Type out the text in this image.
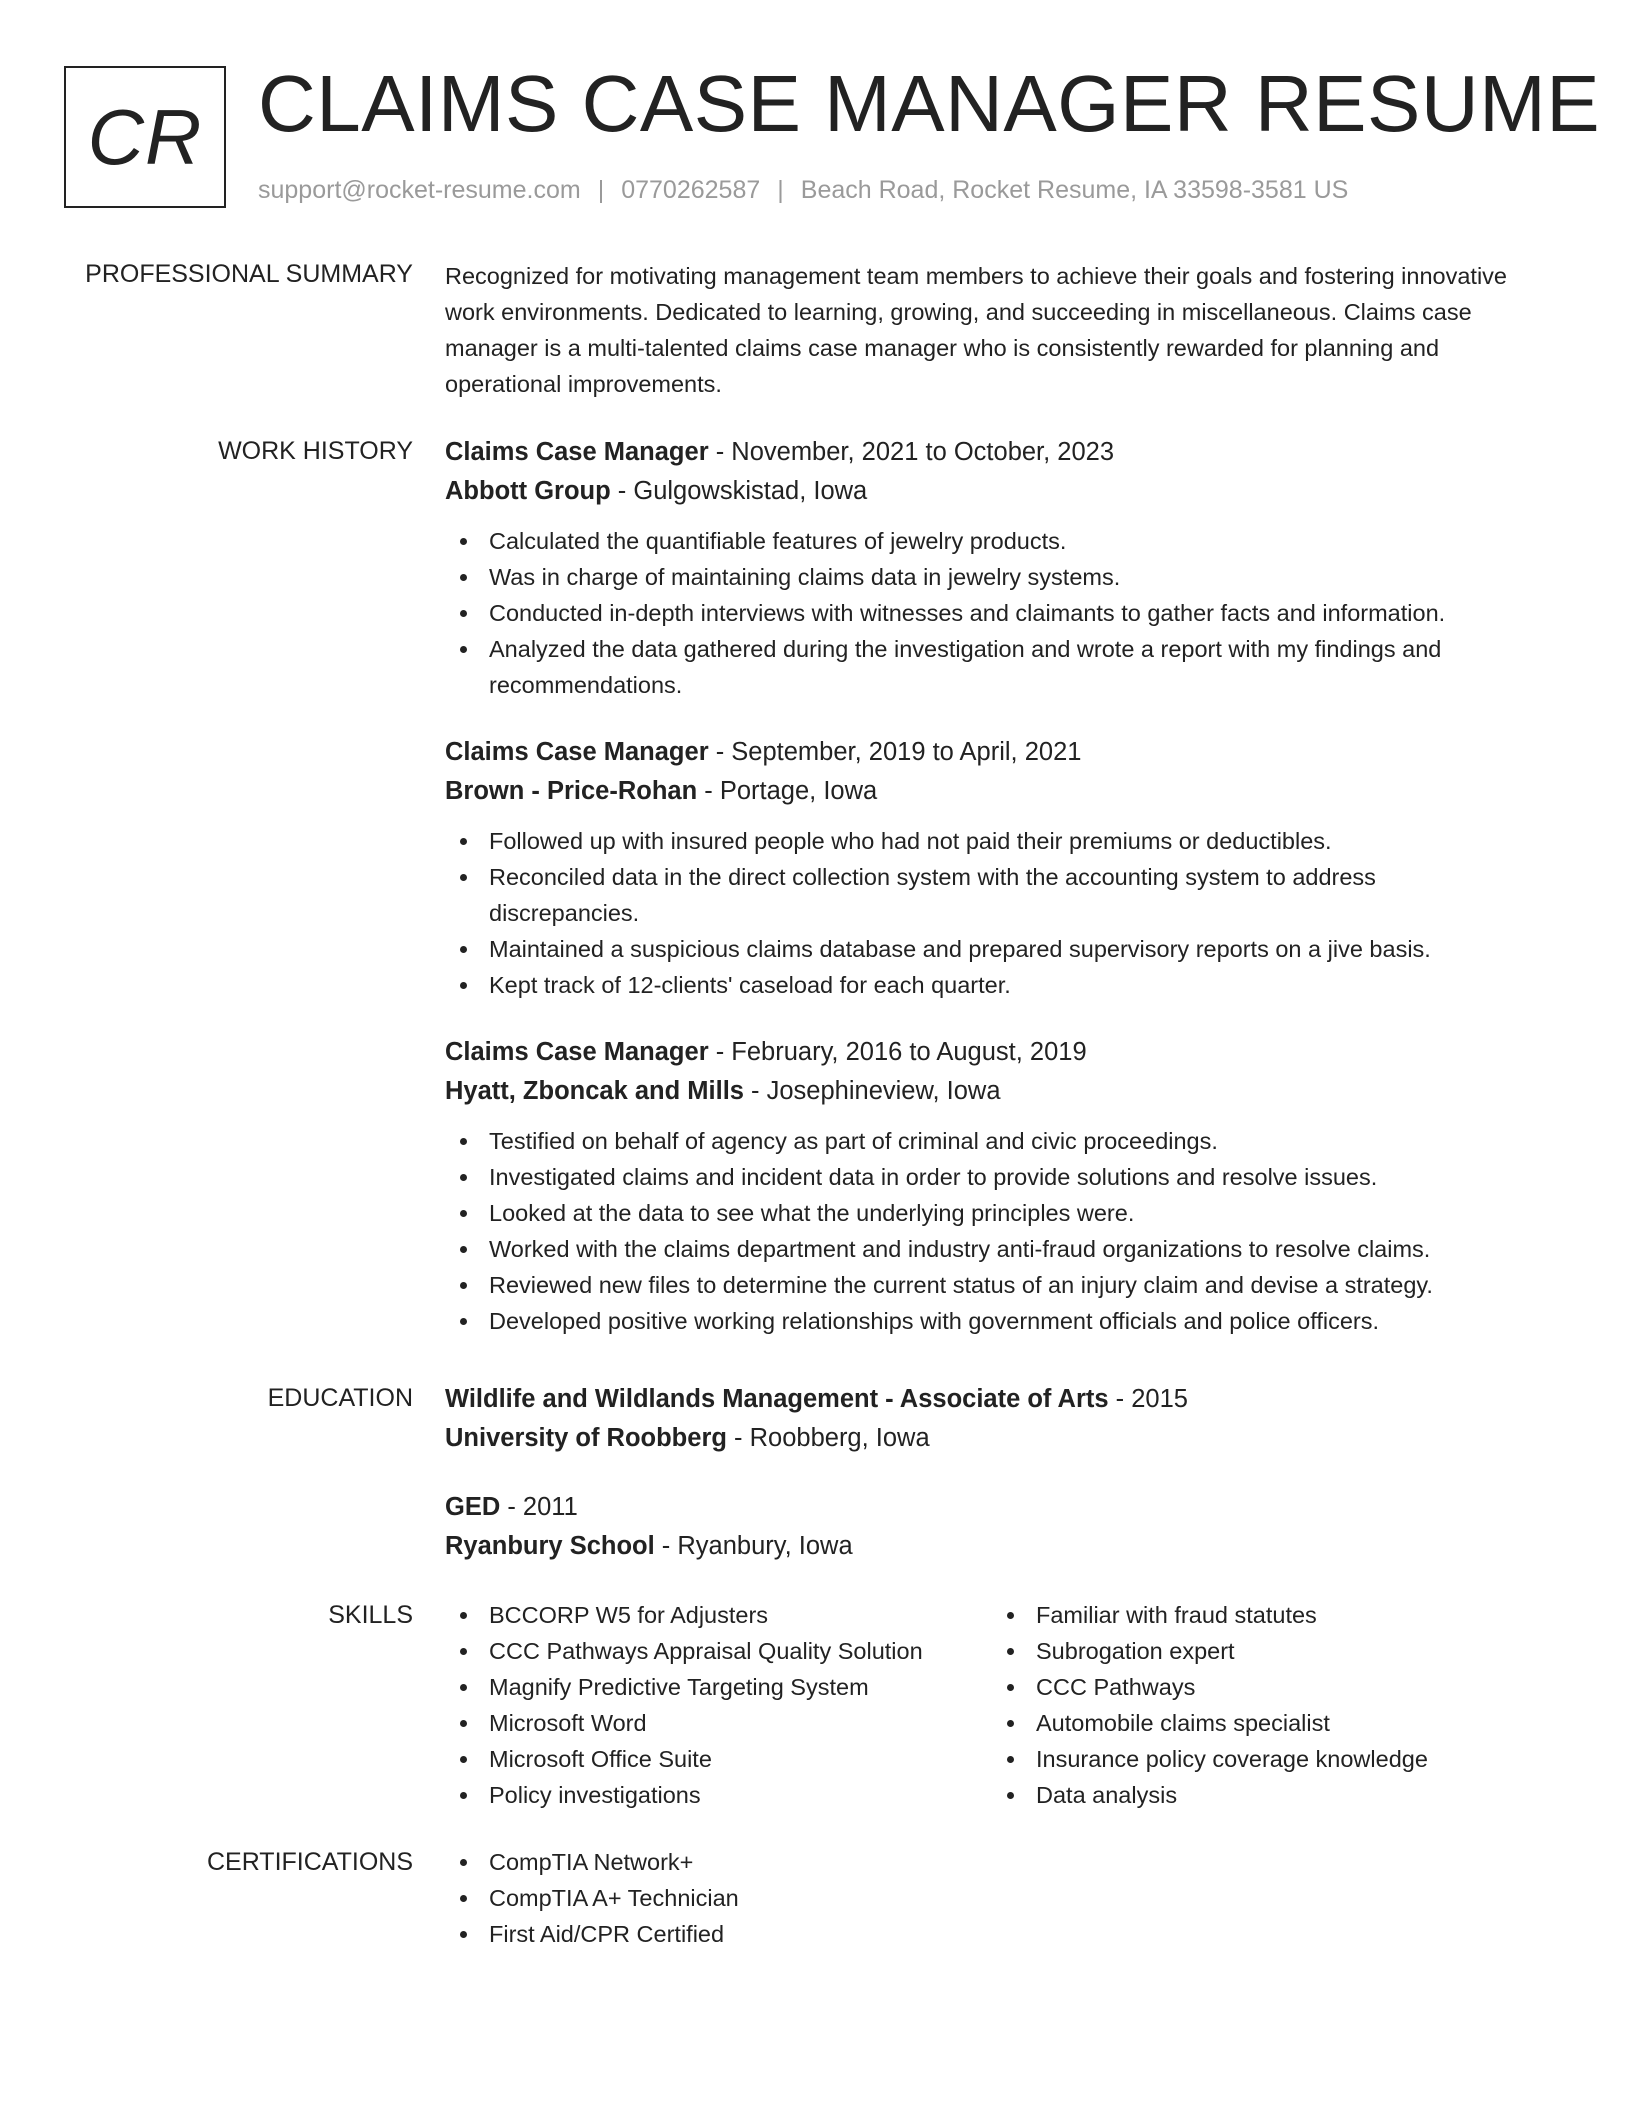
CR CLAIMS CASE MANAGER RESUME
support@rocket-resume.com | 0770262587 | Beach Road, Rocket Resume, IA 33598-3581 US
PROFESSIONAL SUMMARY Recognized for motivating management team members to achieve their goals and fostering innovative work environments. Dedicated to learning, growing, and succeeding in miscellaneous. Claims case manager is a multi-talented claims case manager who is consistently rewarded for planning and operational improvements.

WORK HISTORY Claims Case Manager - November, 2021 to October, 2023

Abbott Group - Gulgowskistad, Iowa

Calculated the quantifiable features of jewelry products.
Was in charge of maintaining claims data in jewelry systems.
Conducted in-depth interviews with witnesses and claimants to gather facts and information.
Analyzed the data gathered during the investigation and wrote a report with my findings and recommendations.

Claims Case Manager - September, 2019 to April, 2021

Brown - Price-Rohan - Portage, Iowa

Followed up with insured people who had not paid their premiums or deductibles.
Reconciled data in the direct collection system with the accounting system to address discrepancies.
Maintained a suspicious claims database and prepared supervisory reports on a jive basis.
Kept track of 12-clients' caseload for each quarter.

Claims Case Manager - February, 2016 to August, 2019

Hyatt, Zboncak and Mills - Josephineview, Iowa

Testified on behalf of agency as part of criminal and civic proceedings.
Investigated claims and incident data in order to provide solutions and resolve issues.
Looked at the data to see what the underlying principles were.
Worked with the claims department and industry anti-fraud organizations to resolve claims.
Reviewed new files to determine the current status of an injury claim and devise a strategy.
Developed positive working relationships with government officials and police officers.
EDUCATION Wildlife and Wildlands Management - Associate of Arts - 2015

University of Roobberg - Roobberg, Iowa

GED - 2011

Ryanbury School - Ryanbury, Iowa

SKILLS	BCCORP W5 for Adjusters
CCC Pathways Appraisal Quality Solution
Magnify Predictive Targeting System
Microsoft Word
Microsoft Office Suite
Policy investigations
Familiar with fraud statutes
Subrogation expert
CCC Pathways
Automobile claims specialist
Insurance policy coverage knowledge
Data analysis
CERTIFICATIONS	CompTIA Network+
CompTIA A+ Technician
First Aid/CPR Certified
